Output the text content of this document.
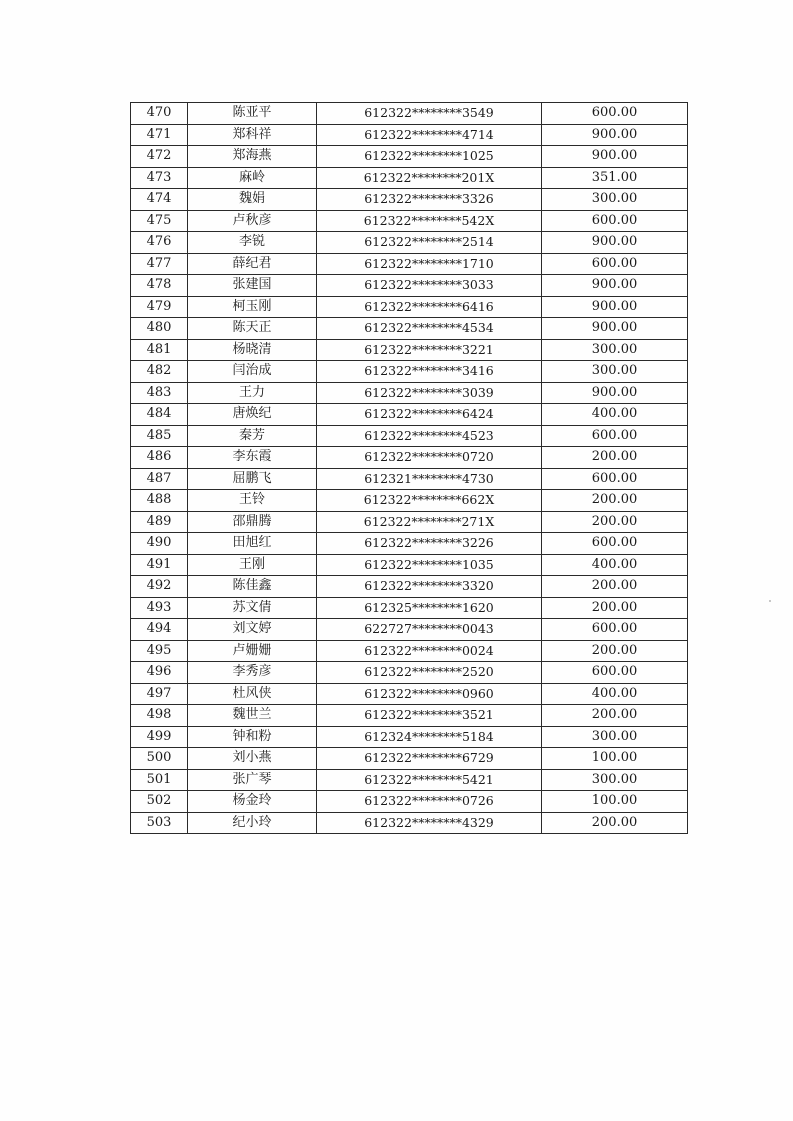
470	陈亚平	612322********3549	600.00
471	郑科祥	612322********4714	900.00
472	郑海燕	612322********1025	900.00
473	麻岭	612322********201X	351.00
474	魏娟	612322********3326	300.00
475	卢秋彦	612322********542X	600.00
476	李锐	612322********2514	900.00
477	薛纪君	612322********1710	600.00
478	张建国	612322********3033	900.00
479	柯玉刚	612322********6416	900.00
480	陈天正	612322********4534	900.00
481	杨晓清	612322********3221	300.00
482	闫治成	612322********3416	300.00
483	王力	612322********3039	900.00
484	唐焕纪	612322********6424	400.00
485	秦芳	612322********4523	600.00
486	李东霞	612322********0720	200.00
487	屈鹏飞	612321********4730	600.00
488	王铃	612322********662X	200.00
489	邵鼎腾	612322********271X	200.00
490	田旭红	612322********3226	600.00
491	王刚	612322********1035	400.00
492	陈佳鑫	612322********3320	200.00
493	苏文倩	612325********1620	200.00
494	刘文婷	622727********0043	600.00
495	卢姗姗	612322********0024	200.00
496	李秀彦	612322********2520	600.00
497	杜风侠	612322********0960	400.00
498	魏世兰	612322********3521	200.00
499	钟和粉	612324********5184	300.00
500	刘小燕	612322********6729	100.00
501	张广琴	612322********5421	300.00
502	杨金玲	612322********0726	100.00
503	纪小玲	612322********4329	200.00
